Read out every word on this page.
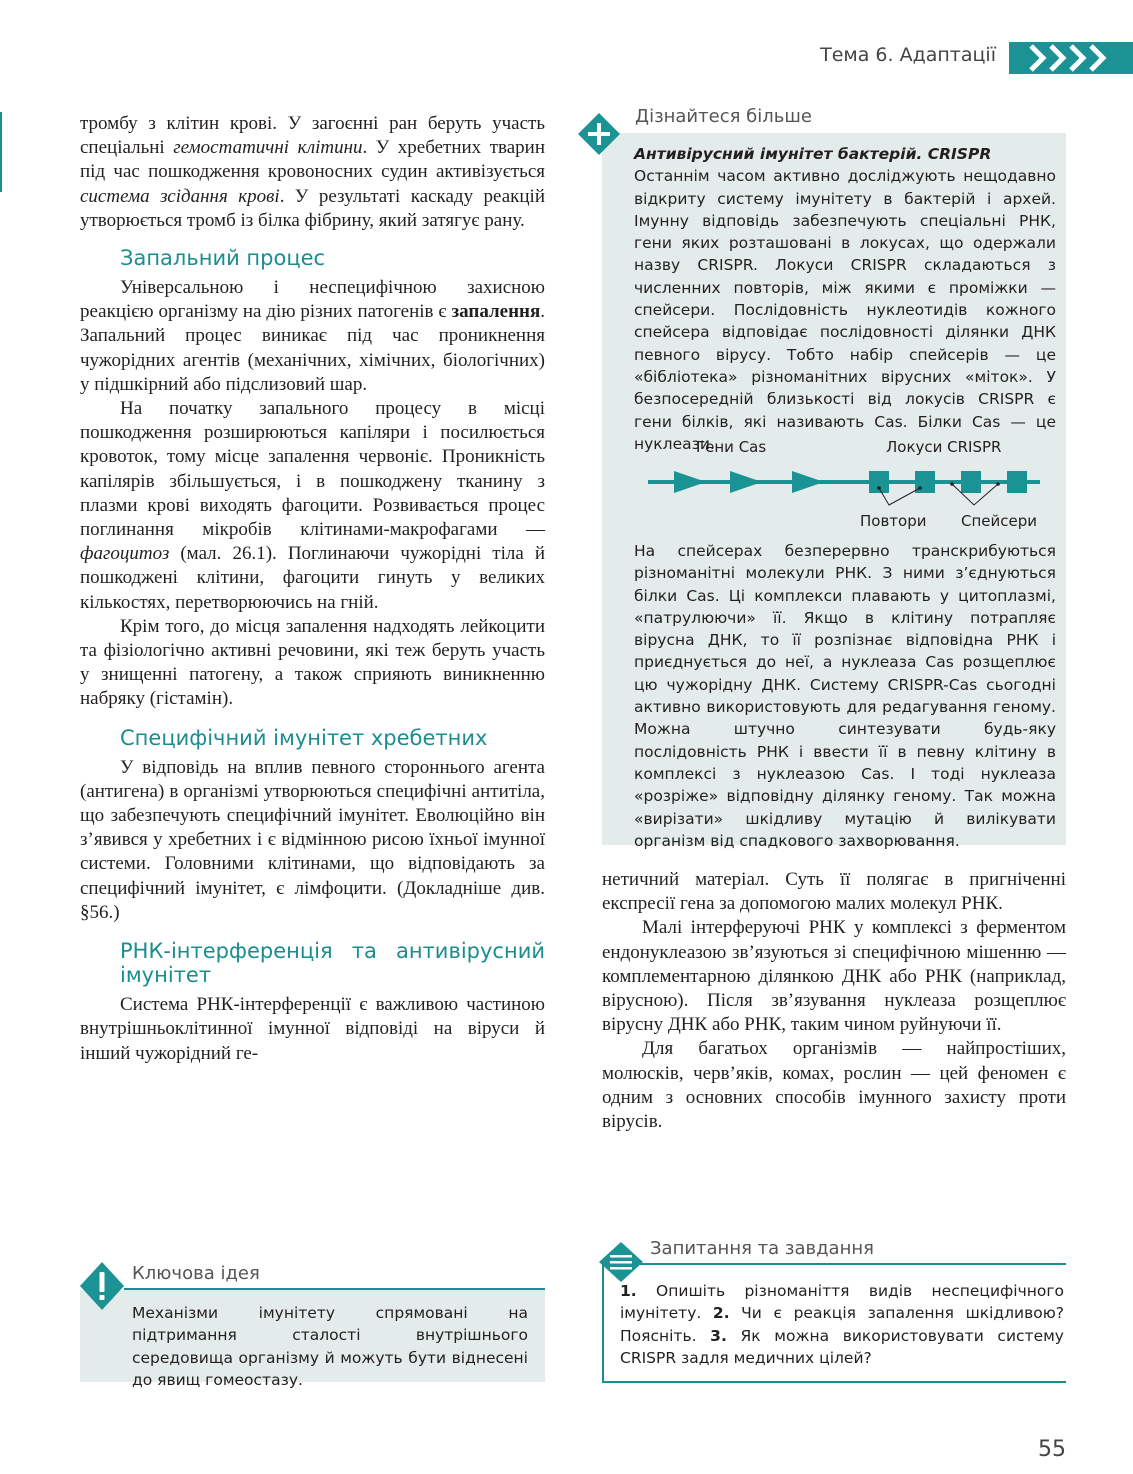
Тема 6. Адаптації

тромбу з клітин крові. У загоєнні ран беруть участь спеціальні гемостатичні клітини. У хребетних тварин під час пошкодження кровоносних судин активізується система зсідання крові. У результаті каскаду реакцій утворюється тромб із білка фібрину, який затягує рану.

Запальний процес

Універсальною і неспецифічною захисною реакцією організму на дію різних патогенів є запалення. Запальний процес виникає під час проникнення чужорідних агентів (механічних, хімічних, біологічних) у підшкірний або підслизовий шар.

На початку запального процесу в місці пошкодження розширюються капіляри і посилюється кровоток, тому місце запалення червоніє. Проникність капілярів збільшується, і в пошкоджену тканину з плазми крові виходять фагоцити. Розвивається процес поглинання мікробів клітинами-макрофагами — фагоцитоз (мал. 26.1). Поглинаючи чужорідні тіла й пошкоджені клітини, фагоцити гинуть у великих кількостях, перетворюючись на гній.

Крім того, до місця запалення надходять лейкоцити та фізіологічно активні речовини, які теж беруть участь у знищенні патогену, а також сприяють виникненню набряку (гістамін).

Специфічний імунітет хребетних

У відповідь на вплив певного стороннього агента (антигена) в організмі утворюються специфічні антитіла, що забезпечують специфічний імунітет. Еволюційно він з’явився у хребетних і є відмінною рисою їхньої імунної системи. Головними клітинами, що відповідають за специфічний імунітет, є лімфоцити. (Докладніше див. §56.)

РНК-інтерференція та антивірусний імунітет

Система РНК-інтерференції є важливою частиною внутрішньоклітинної імунної відповіді на віруси й інший чужорідний ге-

Дізнайтеся більше

Антивірусний імунітет бактерій. CRISPR

Останнім часом активно досліджують нещодавно відкриту систему імунітету в бактерій і архей. Імунну відповідь забезпечують спеціальні РНК, гени яких розташовані в локусах, що одержали назву CRISPR. Локуси CRISPR складаються з численних повторів, між якими є проміжки — спейсери. Послідовність нуклеотидів кожного спейсера відповідає послідовності ділянки ДНК певного вірусу. Тобто набір спейсерів — це «бібліотека» різноманітних вірусних «міток». У безпосередній близькості від локусів CRISPR є гени білків, які називають Cas. Білки Cas — це нуклеази.

Гени Cas	Локуси CRISPR
Повтори Спейсери

На спейсерах безперервно транскрибуються різноманітні молекули РНК. З ними з’єднуються білки Cas. Ці комплекси плавають у цитоплазмі, «патрулюючи» її. Якщо в клітину потрапляє вірусна ДНК, то її розпізнає відповідна РНК і приєднується до неї, а нуклеаза Cas розщеплює цю чужорідну ДНК. Систему CRISPR-Cas сьогодні активно використовують для редагування геному. Можна штучно синтезувати будь-яку послідовність РНК і ввести її в певну клітину в комплексі з нуклеазою Cas. І тоді нуклеаза «розріже» відповідну ділянку геному. Так можна «вирізати» шкідливу мутацію й вилікувати організм від спадкового захворювання.

нетичний матеріал. Суть її полягає в пригніченні експресії гена за допомогою малих молекул РНК.

Малі інтерферуючі РНК у комплексі з ферментом ендонуклеазою зв’язуються зі специфічною мішенню — комплементарною ділянкою ДНК або РНК (наприклад, вірусною). Після зв’язування нуклеаза розщеплює вірусну ДНК або РНК, таким чином руйнуючи її.

Для багатьох організмів — найпростіших, молюсків, черв’яків, комах, рослин — цей феномен є одним з основних способів імунного захисту проти вірусів.

Ключова ідея
Механізми імунітету спрямовані на підтримання сталості внутрішнього середовища організму й можуть бути віднесені до явищ гомеостазу.
Запитання та завдання
1. Опишіть різноманіття видів неспецифічного імунітету. 2. Чи є реакція запалення шкідливою? Поясніть. 3. Як можна використовувати систему CRISPR задля медичних цілей?
55
